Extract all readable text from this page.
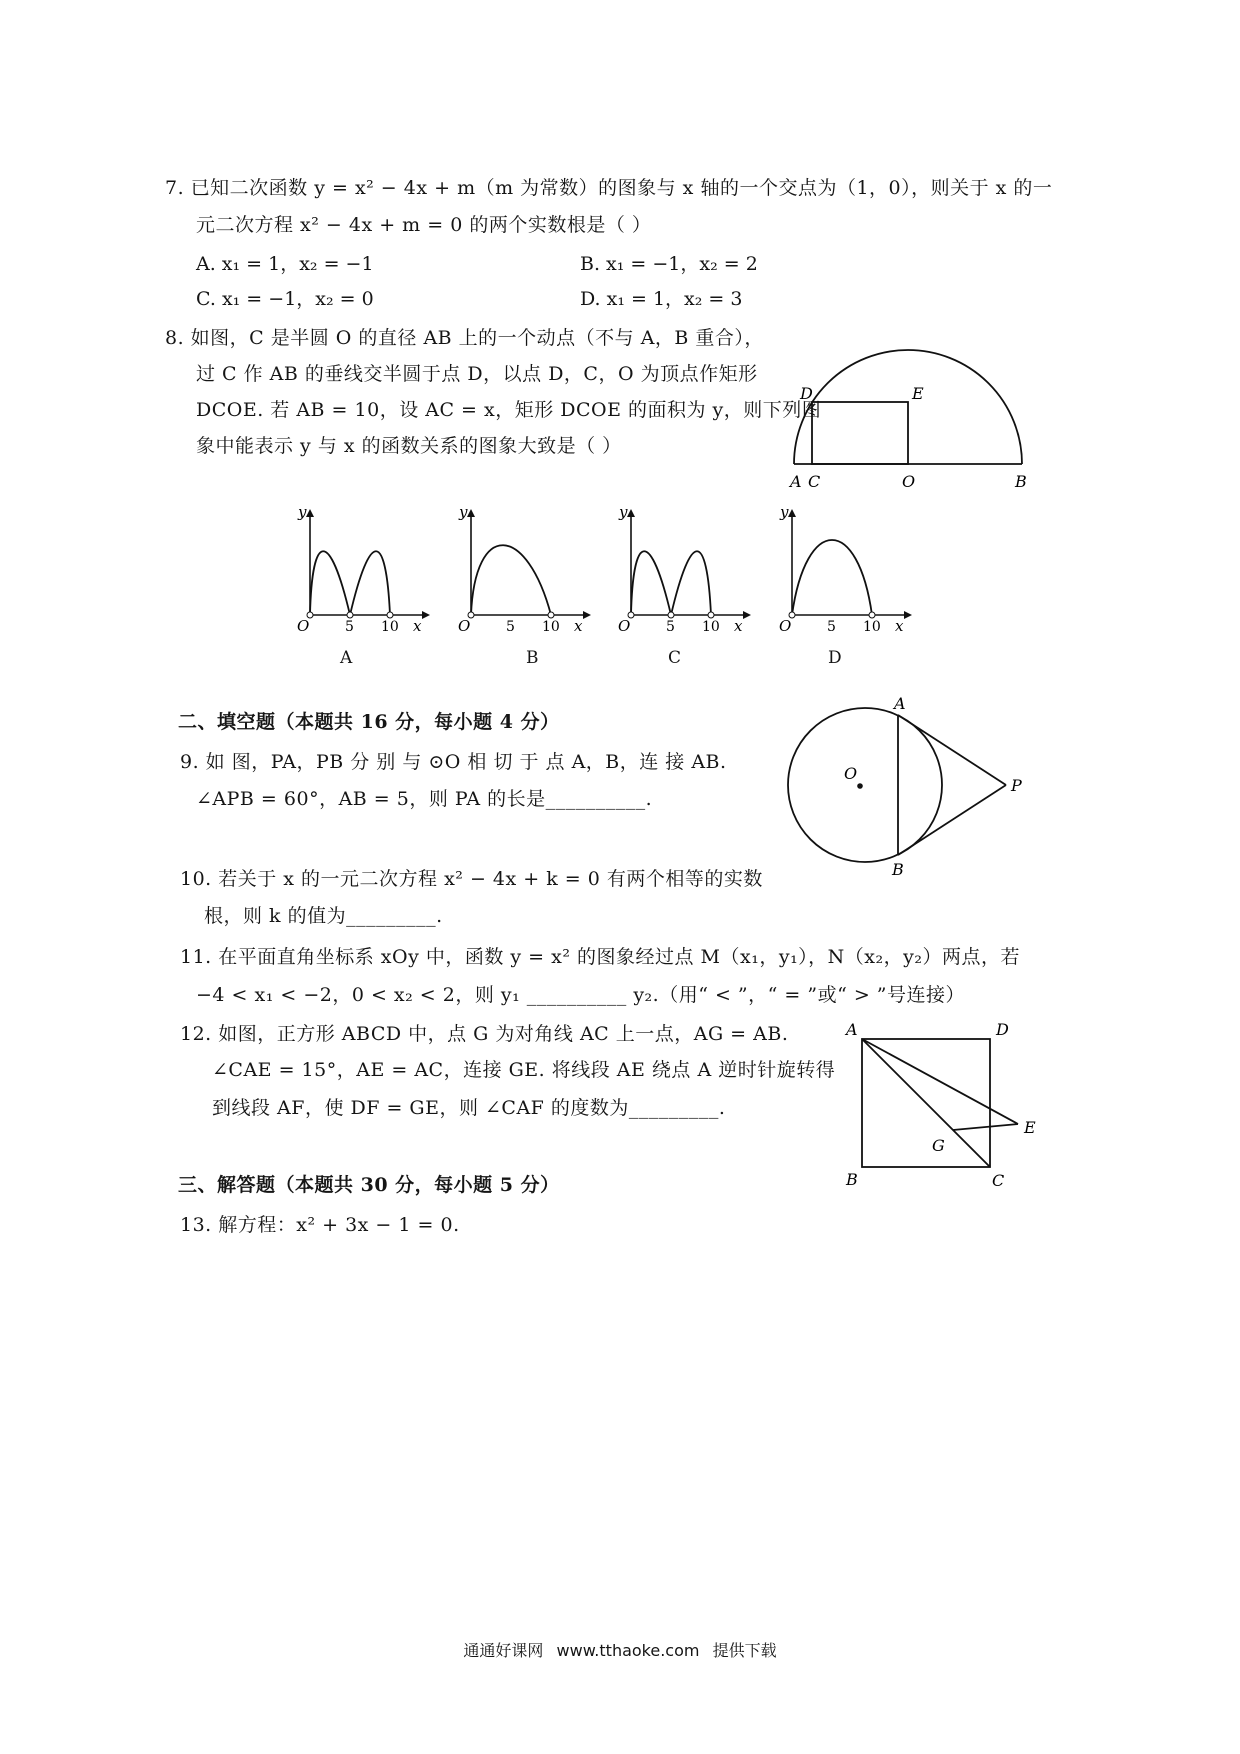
7. 已知二次函数 y = x² − 4x + m（m 为常数）的图象与 x 轴的一个交点为（1，0），则关于 x 的一
元二次方程 x² − 4x + m = 0 的两个实数根是（ ）
A. x₁ = 1，x₂ = −1	B. x₁ = −1，x₂ = 2
C. x₁ = −1，x₂ = 0	D. x₁ = 1，x₂ = 3
8. 如图，C 是半圆 O 的直径 AB 上的一个动点（不与 A，B 重合），
过 C 作 AB 的垂线交半圆于点 D，以点 D，C，O 为顶点作矩形
DCOE. 若 AB = 10，设 AC = x，矩形 DCOE 的面积为 y，则下列图
象中能表示 y 与 x 的函数关系的图象大致是（ ）
D	E
A C	O	B
y
O	5 10 x
A
y
O	5 10 x
B
y
O	5 10 x
C
y
O	5 10 x
D
二、填空题（本题共 16 分，每小题 4 分）
9. 如 图，PA，PB 分 别 与 ⊙O 相 切 于 点 A，B，连 接 AB.
∠APB = 60°，AB = 5，则 PA 的长是__________.
A
B
O
P
10. 若关于 x 的一元二次方程 x² − 4x + k = 0 有两个相等的实数
根，则 k 的值为_________.
11. 在平面直角坐标系 xOy 中，函数 y = x² 的图象经过点 M（x₁，y₁），N（x₂，y₂）两点，若
−4 < x₁ < −2，0 < x₂ < 2，则 y₁ __________ y₂.（用“ < ”，“ = ”或“ > ”号连接）
12. 如图，正方形 ABCD 中，点 G 为对角线 AC 上一点，AG = AB.
∠CAE = 15°，AE = AC，连接 GE. 将线段 AE 绕点 A 逆时针旋转得
到线段 AF，使 DF = GE，则 ∠CAF 的度数为_________.
A	D
E
G
B	C
三、解答题（本题共 30 分，每小题 5 分）
13. 解方程：x² + 3x − 1 = 0.
通通好课网 www.tthaoke.com 提供下载
